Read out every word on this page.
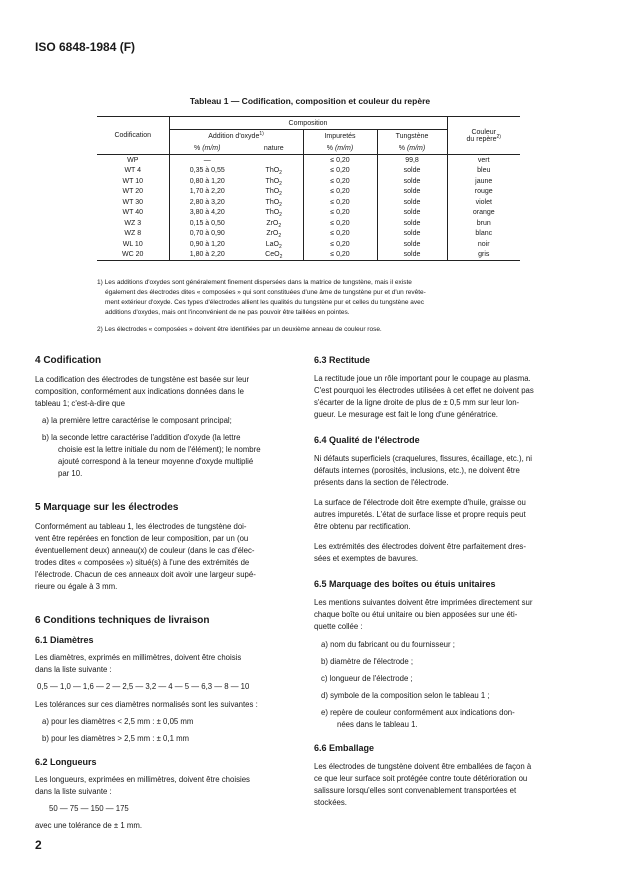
ISO 6848-1984 (F)
Tableau 1 — Codification, composition et couleur du repère
Codification	Composition				Couleur
du repère$^{2)}$
	Addition d'oxyde$^{1)}$		Impuretés	Tungstène	
	% (m/m)	nature	% (m/m)	% (m/m)	
WP	—		≤ 0,20	99,8	vert
WT 4	0,35 à 0,55	ThO$_2$	≤ 0,20	solde	bleu
WT 10	0,80 à 1,20	ThO$_2$	≤ 0,20	solde	jaune
WT 20	1,70 à 2,20	ThO$_2$	≤ 0,20	solde	rouge
WT 30	2,80 à 3,20	ThO$_2$	≤ 0,20	solde	violet
WT 40	3,80 à 4,20	ThO$_2$	≤ 0,20	solde	orange
WZ 3	0,15 à 0,50	ZrO$_2$	≤ 0,20	solde	brun
WZ 8	0,70 à 0,90	ZrO$_2$	≤ 0,20	solde	blanc
WL 10	0,90 à 1,20	LaO$_2$	≤ 0,20	solde	noir
WC 20	1,80 à 2,20	CeO$_2$	≤ 0,20	solde	gris
1) Les additions d'oxydes sont généralement finement dispersées dans la matrice de tungstène, mais il existe
également des électrodes dites « composées » qui sont constituées d'une âme de tungstène pur et d'un revête-
ment extérieur d'oxyde. Ces types d'électrodes allient les qualités du tungstène pur et celles du tungstène avec
additions d'oxydes, mais ont l'inconvénient de ne pas pouvoir être taillées en pointes.
2) Les électrodes « composées » doivent être identifiées par un deuxième anneau de couleur rose.
4 Codification
La codification des électrodes de tungstène est basée sur leur
composition, conformément aux indications données dans le
tableau 1; c'est-à-dire que
a) la première lettre caractérise le composant principal;
b) la seconde lettre caractérise l'addition d'oxyde (la lettre
choisie est la lettre initiale du nom de l'élément); le nombre
ajouté correspond à la teneur moyenne d'oxyde multiplié
par 10.
5 Marquage sur les électrodes
Conformément au tableau 1, les électrodes de tungstène doi-
vent être repérées en fonction de leur composition, par un (ou
éventuellement deux) anneau(x) de couleur (dans le cas d'élec-
trodes dites « composées ») situé(s) à l'une des extrémités de
l'électrode. Chacun de ces anneaux doit avoir une largeur supé-
rieure ou égale à 3 mm.
6 Conditions techniques de livraison
6.1 Diamètres
Les diamètres, exprimés en millimètres, doivent être choisis
dans la liste suivante :
0,5 — 1,0 — 1,6 — 2 — 2,5 — 3,2 — 4 — 5 — 6,3 — 8 — 10
Les tolérances sur ces diamètres normalisés sont les suivantes :
a) pour les diamètres < 2,5 mm : ± 0,05 mm
b) pour les diamètres > 2,5 mm : ± 0,1 mm
6.2 Longueurs
Les longueurs, exprimées en millimètres, doivent être choisies
dans la liste suivante :
50 — 75 — 150 — 175
avec une tolérance de ± 1 mm.
6.3 Rectitude
La rectitude joue un rôle important pour le coupage au plasma.
C'est pourquoi les électrodes utilisées à cet effet ne doivent pas
s'écarter de la ligne droite de plus de ± 0,5 mm sur leur lon-
gueur. Le mesurage est fait le long d'une génératrice.
6.4 Qualité de l'électrode
Ni défauts superficiels (craquelures, fissures, écaillage, etc.), ni
défauts internes (porosités, inclusions, etc.), ne doivent être
présents dans la section de l'électrode.
La surface de l'électrode doit être exempte d'huile, graisse ou
autres impuretés. L'état de surface lisse et propre requis peut
être obtenu par rectification.
Les extrémités des électrodes doivent être parfaitement dres-
sées et exemptes de bavures.
6.5 Marquage des boîtes ou étuis unitaires
Les mentions suivantes doivent être imprimées directement sur
chaque boîte ou étui unitaire ou bien apposées sur une éti-
quette collée :
a) nom du fabricant ou du fournisseur ;
b) diamètre de l'électrode ;
c) longueur de l'électrode ;
d) symbole de la composition selon le tableau 1 ;
e) repère de couleur conformément aux indications don-
nées dans le tableau 1.
6.6 Emballage
Les électrodes de tungstène doivent être emballées de façon à
ce que leur surface soit protégée contre toute détérioration ou
salissure lorsqu'elles sont convenablement transportées et
stockées.
2
